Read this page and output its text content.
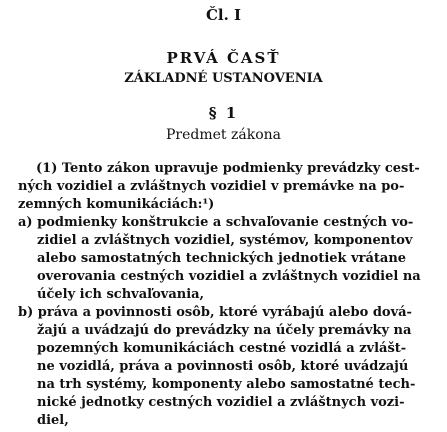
Čl. I
PRVÁ ČASŤ
ZÁKLADNÉ USTANOVENIA
§ 1
Predmet zákona
(1) Tento zákon upravuje podmienky prevádzky cest-
ných vozidiel a zvláštnych vozidiel v premávke na po-
zemných komunikáciách:¹)
a) podmienky konštrukcie a schvaľovanie cestných vo-
zidiel a zvláštnych vozidiel, systémov, komponentov
alebo samostatných technických jednotiek vrátane
overovania cestných vozidiel a zvláštnych vozidiel na
účely ich schvaľovania,
b) práva a povinnosti osôb, ktoré vyrábajú alebo dová-
žajú a uvádzajú do prevádzky na účely premávky na
pozemných komunikáciách cestné vozidlá a zvlášt-
ne vozidlá, práva a povinnosti osôb, ktoré uvádzajú
na trh systémy, komponenty alebo samostatné tech-
nické jednotky cestných vozidiel a zvláštnych vozi-
diel,
